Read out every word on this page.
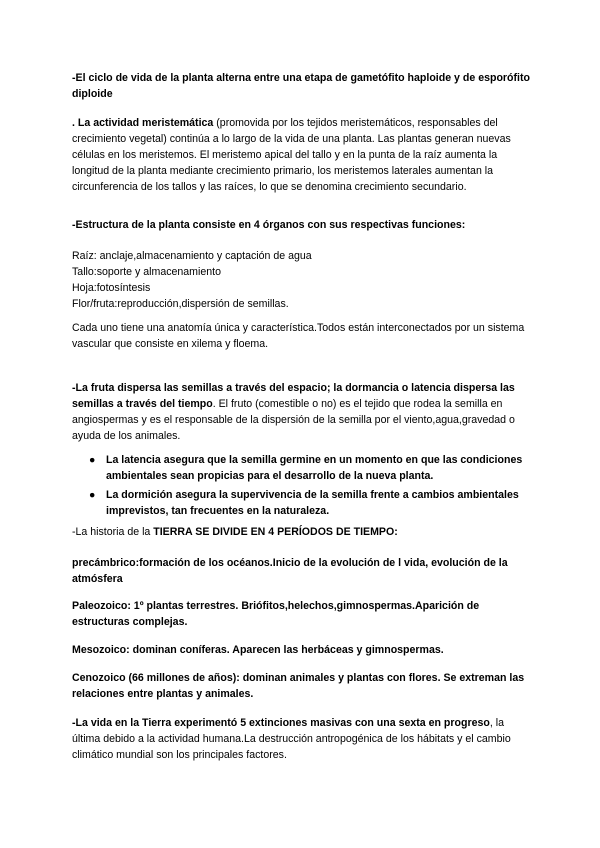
-El ciclo de vida de la planta alterna entre una etapa de gametófito haploide y de esporófito diploide

. La actividad meristemática (promovida por los tejidos meristemáticos, responsables del crecimiento vegetal) continúa a lo largo de la vida de una planta. Las plantas generan nuevas células en los meristemos. El meristemo apical del tallo y en la punta de la raíz aumenta la longitud de la planta mediante crecimiento primario, los meristemos laterales aumentan la circunferencia de los tallos y las raíces, lo que se denomina crecimiento secundario.

-Estructura de la planta consiste en 4 órganos con sus respectivas funciones:

Raíz: anclaje,almacenamiento y captación de agua
Tallo:soporte y almacenamiento
Hoja:fotosíntesis
Flor/fruta:reproducción,dispersión de semillas.

Cada uno tiene una anatomía única y característica.Todos están interconectados por un sistema vascular que consiste en xilema y floema.

-La fruta dispersa las semillas a través del espacio; la dormancia o latencia dispersa las semillas a través del tiempo. El fruto (comestible o no) es el tejido que rodea la semilla en angiospermas y es el responsable de la dispersión de la semilla por el viento,agua,gravedad o ayuda de los animales.

● La latencia asegura que la semilla germine en un momento en que las condiciones ambientales sean propicias para el desarrollo de la nueva planta.
● La dormición asegura la supervivencia de la semilla frente a cambios ambientales imprevistos, tan frecuentes en la naturaleza.

-La historia de la TIERRA SE DIVIDE EN 4 PERÍODOS DE TIEMPO:

precámbrico:formación de los océanos.Inicio de la evolución de l vida, evolución de la atmósfera

Paleozoico: 1º plantas terrestres. Briófitos,helechos,gimnospermas.Aparición de estructuras complejas.

Mesozoico: dominan coníferas. Aparecen las herbáceas y gimnospermas.

Cenozoico (66 millones de años): dominan animales y plantas con flores. Se extreman las relaciones entre plantas y animales.

-La vida en la Tierra experimentó 5 extinciones masivas con una sexta en progreso, la última debido a la actividad humana.La destrucción antropogénica de los hábitats y el cambio climático mundial son los principales factores.
